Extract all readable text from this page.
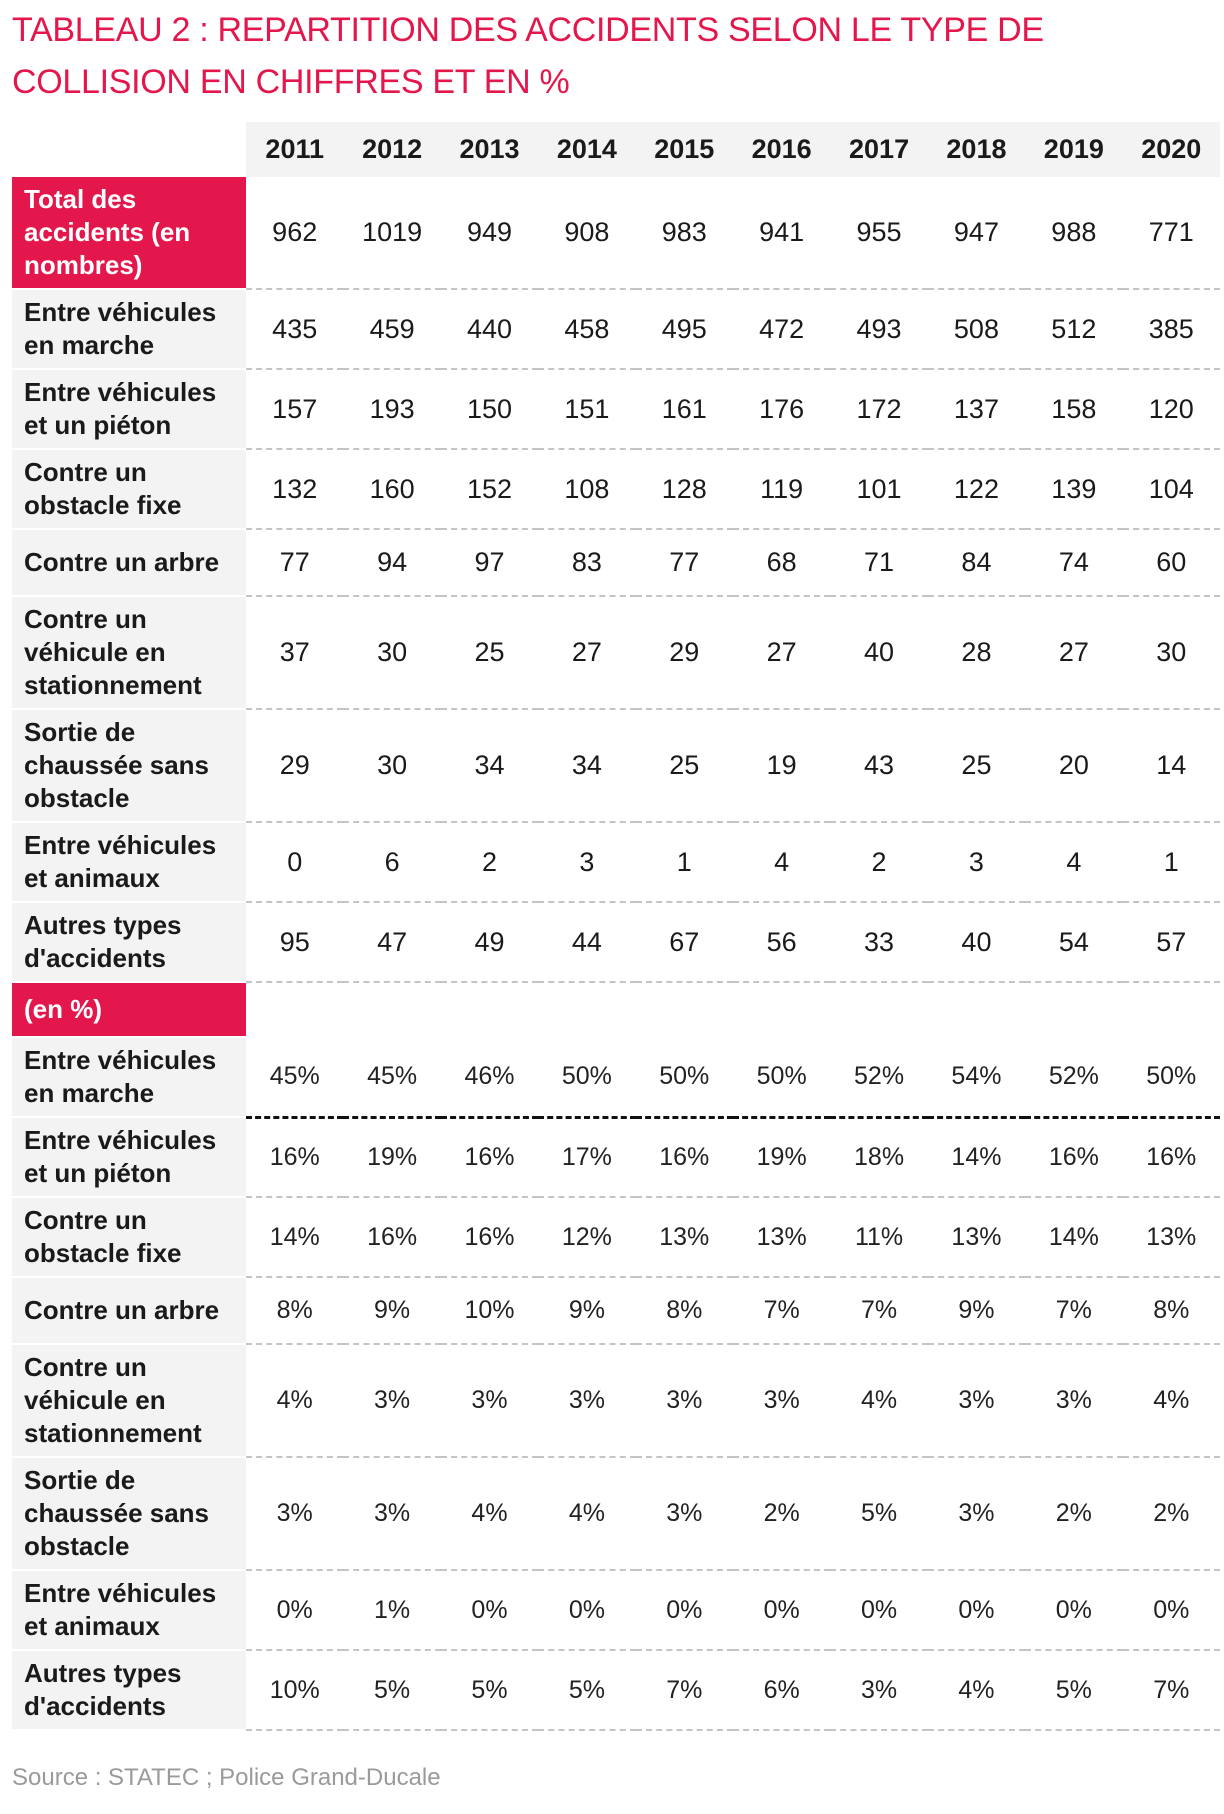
TABLEAU 2 : REPARTITION DES ACCIDENTS SELON LE TYPE DE COLLISION EN CHIFFRES ET EN %
	2011	2012	2013	2014	2015	2016	2017	2018	2019	2020
Total des accidents (en nombres)	962	1019	949	908	983	941	955	947	988	771
Entre véhicules en marche	435	459	440	458	495	472	493	508	512	385
Entre véhicules et un piéton	157	193	150	151	161	176	172	137	158	120
Contre un obstacle fixe	132	160	152	108	128	119	101	122	139	104
Contre un arbre	77	94	97	83	77	68	71	84	74	60
Contre un véhicule en stationnement	37	30	25	27	29	27	40	28	27	30
Sortie de chaussée sans obstacle	29	30	34	34	25	19	43	25	20	14
Entre véhicules et animaux	0	6	2	3	1	4	2	3	4	1
Autres types d'accidents	95	47	49	44	67	56	33	40	54	57
(en %)										
Entre véhicules en marche	45%	45%	46%	50%	50%	50%	52%	54%	52%	50%
Entre véhicules et un piéton	16%	19%	16%	17%	16%	19%	18%	14%	16%	16%
Contre un obstacle fixe	14%	16%	16%	12%	13%	13%	11%	13%	14%	13%
Contre un arbre	8%	9%	10%	9%	8%	7%	7%	9%	7%	8%
Contre un véhicule en stationnement	4%	3%	3%	3%	3%	3%	4%	3%	3%	4%
Sortie de chaussée sans obstacle	3%	3%	4%	4%	3%	2%	5%	3%	2%	2%
Entre véhicules et animaux	0%	1%	0%	0%	0%	0%	0%	0%	0%	0%
Autres types d'accidents	10%	5%	5%	5%	7%	6%	3%	4%	5%	7%
Source : STATEC ; Police Grand-Ducale
